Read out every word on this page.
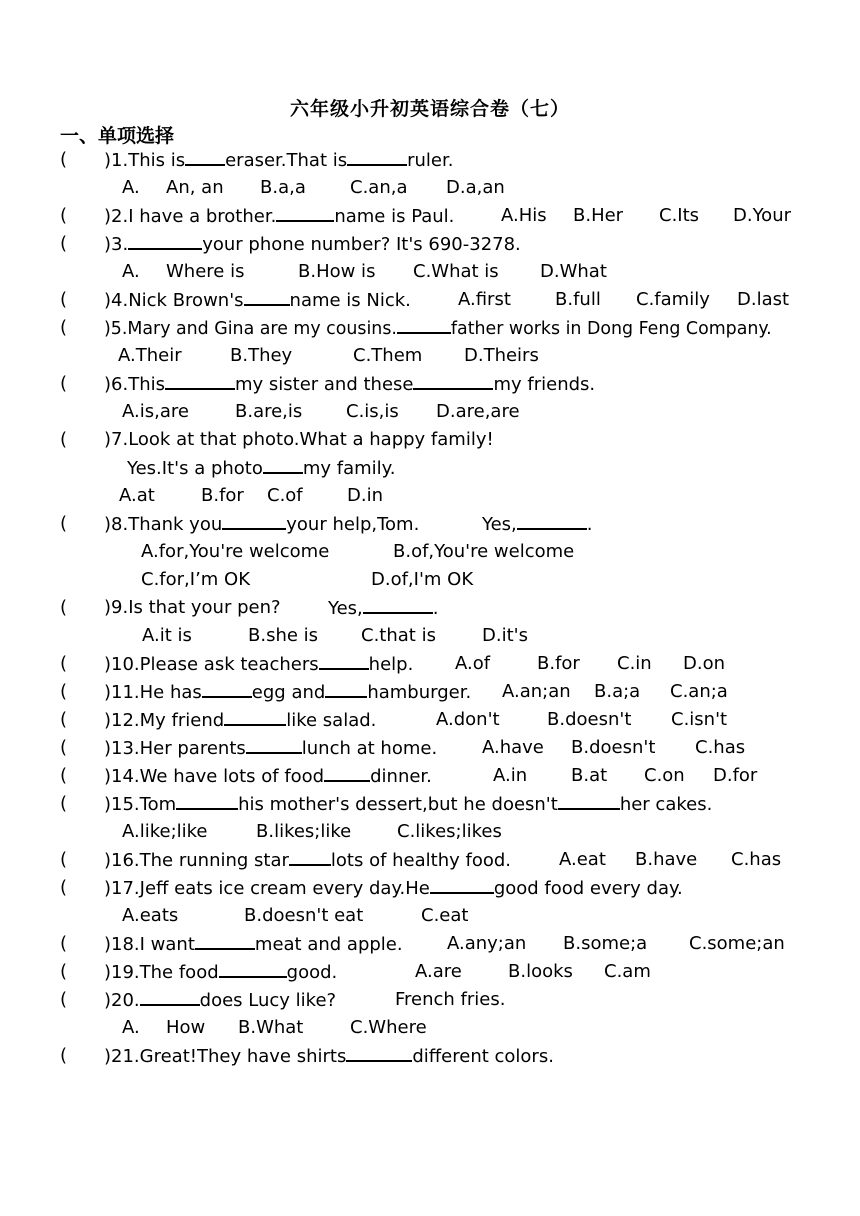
六年级小升初英语综合卷（七）
一、单项选择
( )1.This is eraser.That is	ruler.
A. An, an B.a,a C.an,a D.a,an
( )2.I have a brother.	name is Paul.	A.His B.Her C.Its D.Your
( )3.	your phone number? It's 690-3278.
A. Where is	B.How is C.What is D.What
( )4.Nick Brown's	name is Nick.	A.first B.full C.family D.last
( )5.Mary and Gina are my cousins.	father works in Dong Feng Company.
A.Their	B.They	C.Them D.Theirs
( )6.This	my sister and these	my friends.
A.is,are	B.are,is C.is,is D.are,are
( )7.Look at that photo.What a happy family!
Yes.It's a photo my family.
A.at	B.for C.of D.in
( )8.Thank you	your help,Tom.	Yes,	.
A.for,You're welcome	B.of,You're welcome
C.for,I’m OK	D.of,I'm OK
( )9.Is that your pen?	Yes,	.
A.it is	B.she is C.that is	D.it's
( )10.Please ask teachers	help. A.of	B.for C.in D.on
( )11.He has	egg and hamburger. A.an;an B.a;a C.an;a
( )12.My friend	like salad.	A.don't	B.doesn't C.isn't
( )13.Her parents	lunch at home. A.have B.doesn't C.has
( )14.We have lots of food	dinner.	A.in B.at C.on D.for
( )15.Tom	his mother's dessert,but he doesn't	her cakes.
A.like;like	B.likes;like	C.likes;likes
( )16.The running star lots of healthy food.	A.eat B.have C.has
( )17.Jeff eats ice cream every day.He	good food every day.
A.eats	B.doesn't eat	C.eat
( )18.I want	meat and apple. A.any;an B.some;a C.some;an
( )19.The food	good.	A.are	B.looks C.am
( )20.	does Lucy like?	French fries.
A. How B.What	C.Where
( )21.Great!They have shirts	different colors.
